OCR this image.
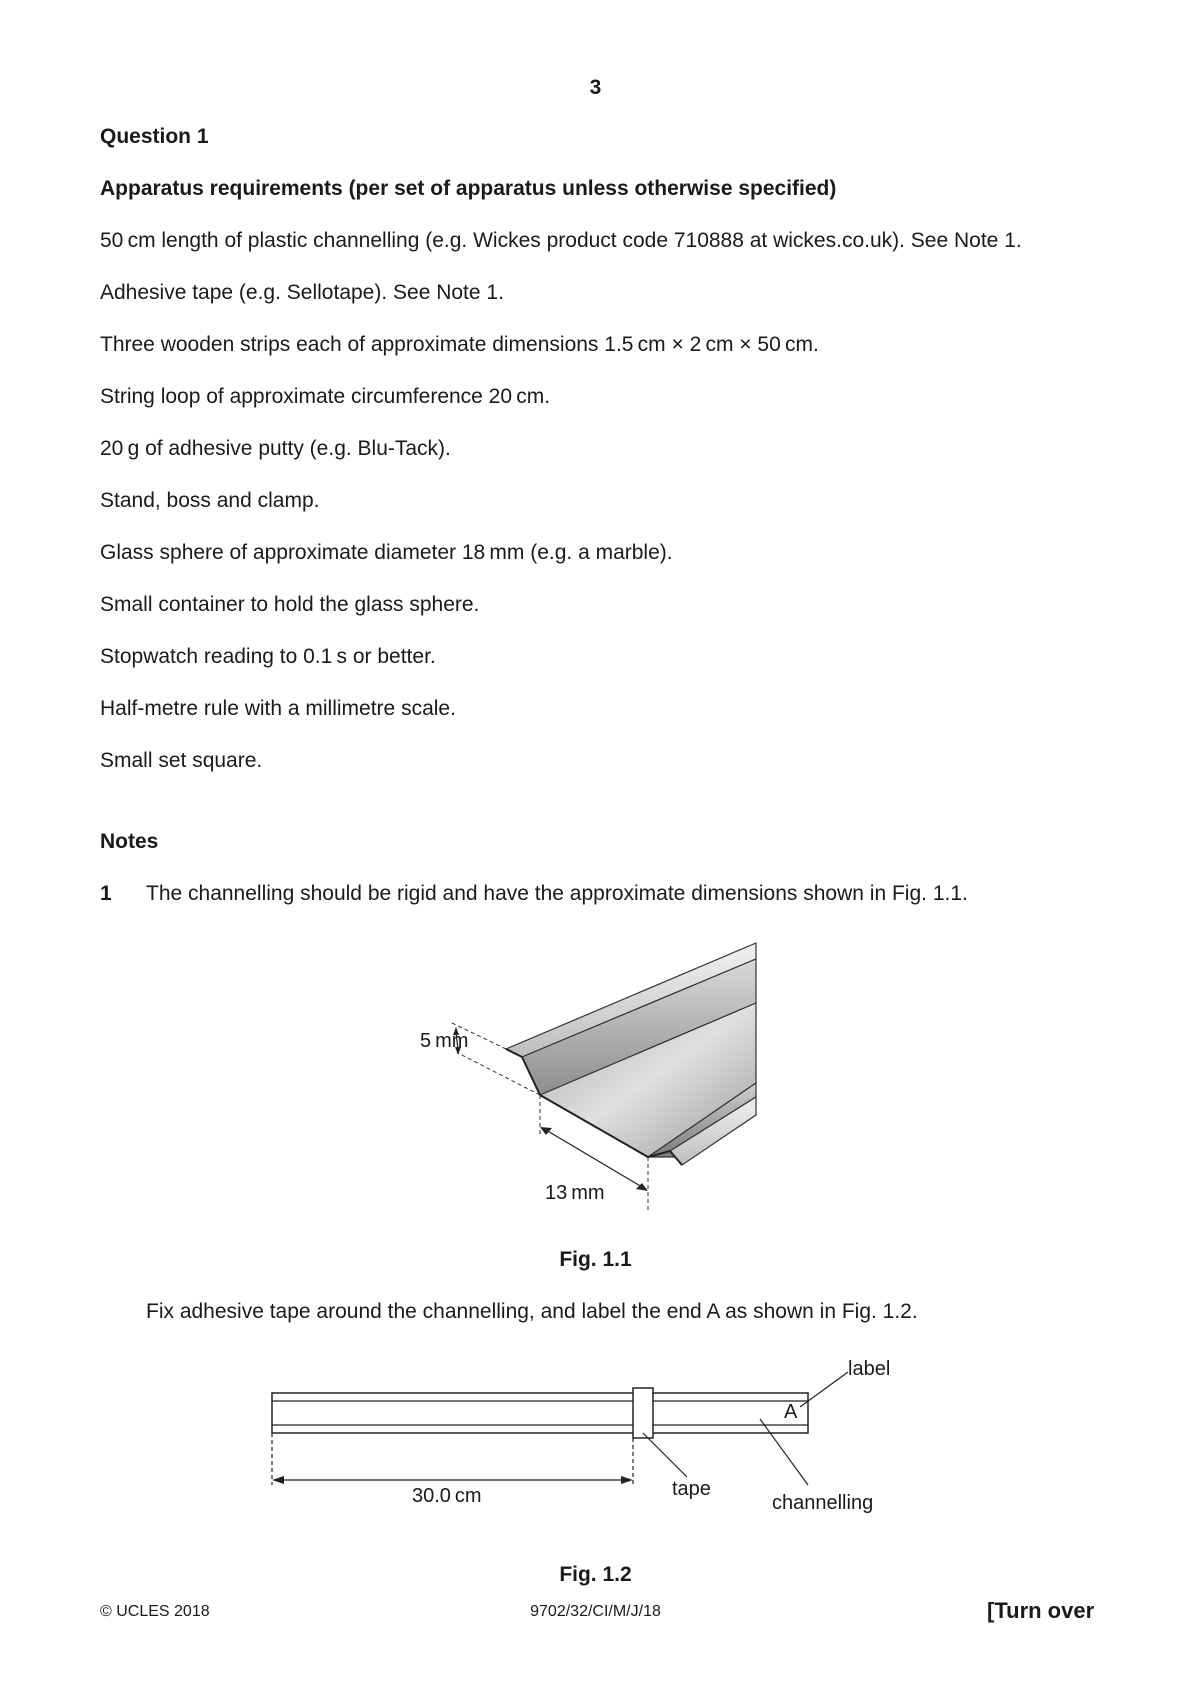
3
Question 1
Apparatus requirements (per set of apparatus unless otherwise specified)
50 cm length of plastic channelling (e.g. Wickes product code 710888 at wickes.co.uk). See Note 1.
Adhesive tape (e.g. Sellotape). See Note 1.
Three wooden strips each of approximate dimensions 1.5 cm × 2 cm × 50 cm.
String loop of approximate circumference 20 cm.
20 g of adhesive putty (e.g. Blu-Tack).
Stand, boss and clamp.
Glass sphere of approximate diameter 18 mm (e.g. a marble).
Small container to hold the glass sphere.
Stopwatch reading to 0.1 s or better.
Half-metre rule with a millimetre scale.
Small set square.
Notes
1 The channelling should be rigid and have the approximate dimensions shown in Fig. 1.1.
5 mm
13 mm
Fig. 1.1
Fix adhesive tape around the channelling, and label the end A as shown in Fig. 1.2.
A
label
tape
channelling
30.0 cm
Fig. 1.2
© UCLES 2018	9702/32/CI/M/J/18	[Turn over
